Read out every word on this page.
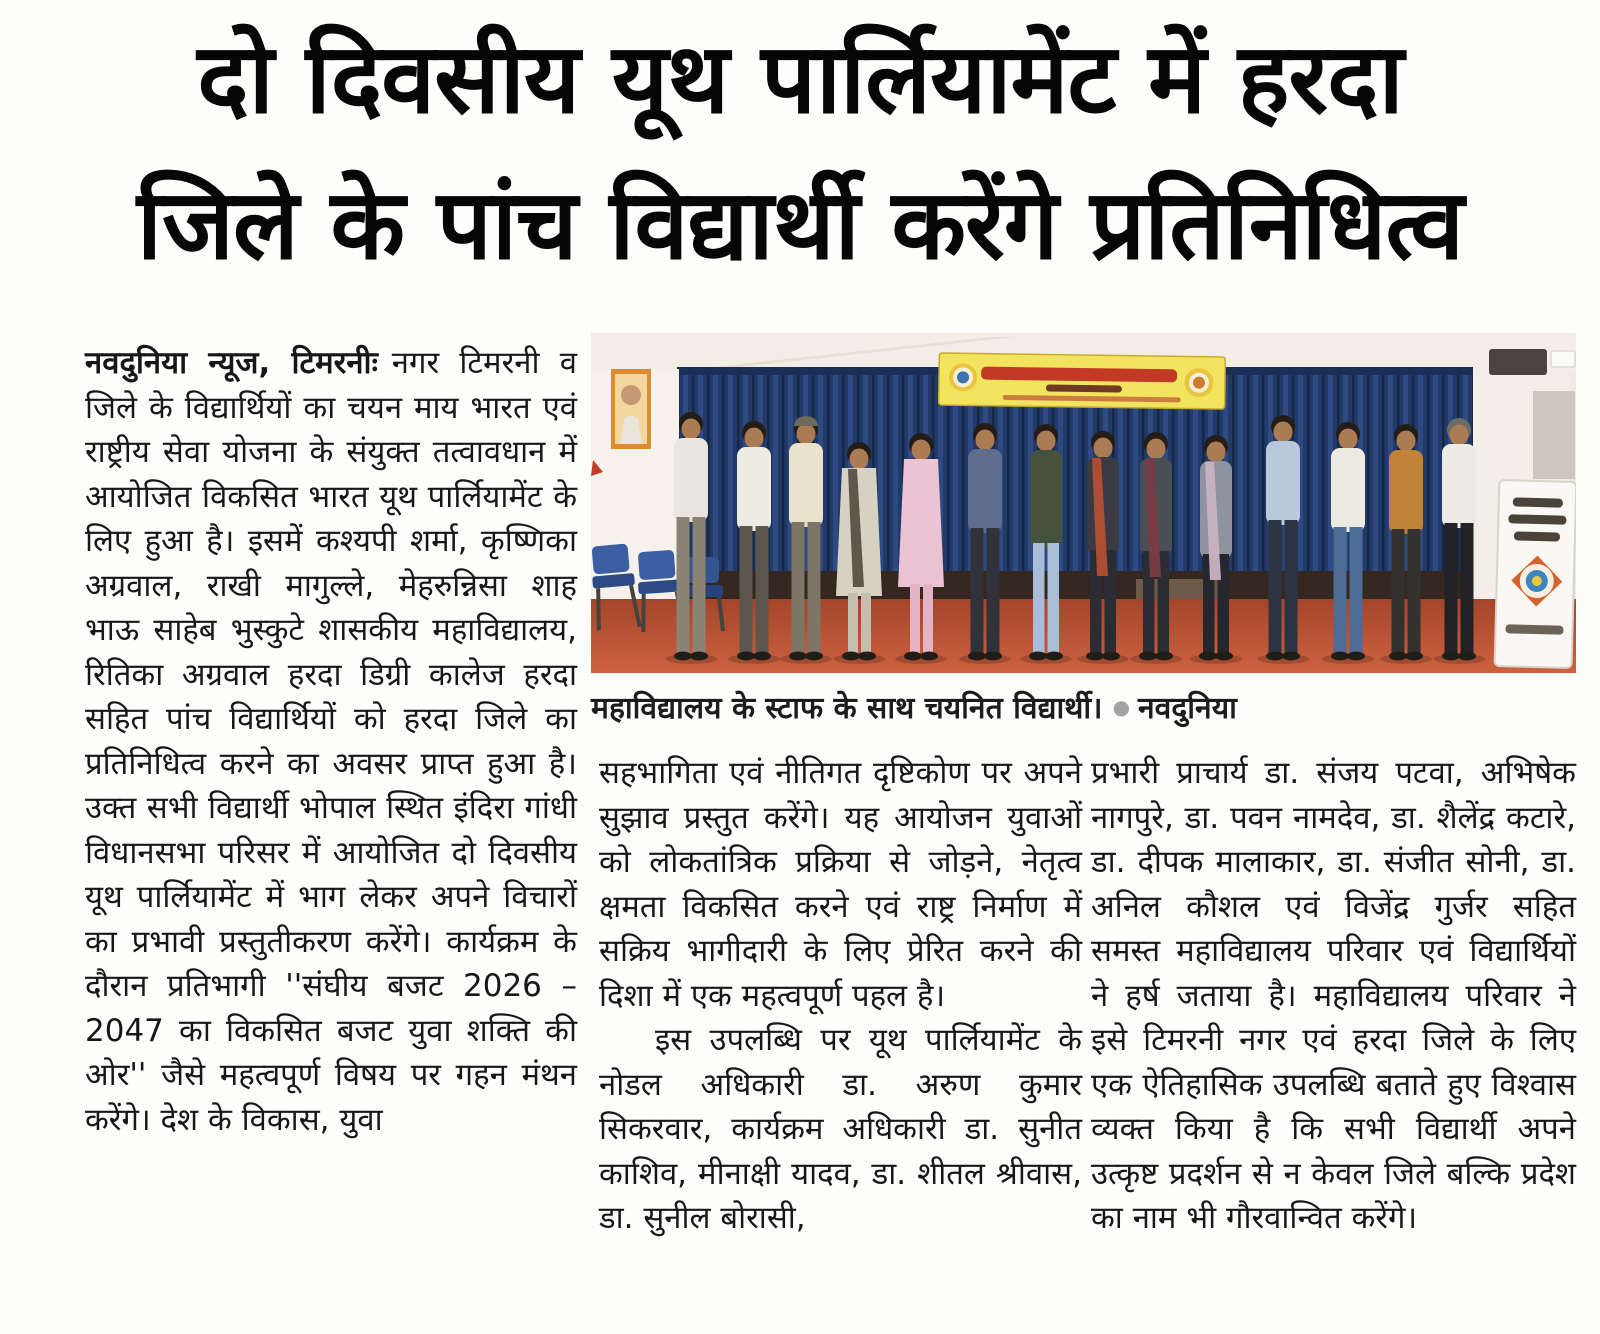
दो दिवसीय यूथ पार्लियामेंट में हरदा
जिले के पांच विद्यार्थी करेंगे प्रतिनिधित्व
महाविद्यालय के स्टाफ के साथ चयनित विद्यार्थी। ● नवदुनिया

नवदुनिया न्यूज, टिमरनीः नगर टिमरनी व जिले के विद्यार्थियों का चयन माय भारत एवं राष्ट्रीय सेवा योजना के संयुक्त तत्वावधान में आयोजित विकसित भारत यूथ पार्लियामेंट के लिए हुआ है। इसमें कश्यपी शर्मा, कृष्णिका अग्रवाल, राखी मागुल्ले, मेहरुन्निसा शाह भाऊ साहेब भुस्कुटे शासकीय महाविद्यालय, रितिका अग्रवाल हरदा डिग्री कालेज हरदा सहित पांच विद्यार्थियों को हरदा जिले का प्रतिनिधित्व करने का अवसर प्राप्त हुआ है। उक्त सभी विद्यार्थी भोपाल स्थित इंदिरा गांधी विधानसभा परिसर में आयोजित दो दिवसीय यूथ पार्लियामेंट में भाग लेकर अपने विचारों का प्रभावी प्रस्तुतीकरण करेंगे। कार्यक्रम के दौरान प्रतिभागी ''संघीय बजट 2026 –2047 का विकसित बजट युवा शक्ति की ओर'' जैसे महत्वपूर्ण विषय पर गहन मंथन करेंगे। देश के विकास, युवा

सहभागिता एवं नीतिगत दृष्टिकोण पर अपने सुझाव प्रस्तुत करेंगे। यह आयोजन युवाओं को लोकतांत्रिक प्रक्रिया से जोड़ने, नेतृत्व क्षमता विकसित करने एवं राष्ट्र निर्माण में सक्रिय भागीदारी के लिए प्रेरित करने की दिशा में एक महत्वपूर्ण पहल है।

इस उपलब्धि पर यूथ पार्लियामेंट के नोडल अधिकारी डा. अरुण कुमार सिकरवार, कार्यक्रम अधिकारी डा. सुनीत काशिव, मीनाक्षी यादव, डा. शीतल श्रीवास, डा. सुनील बोरासी,

प्रभारी प्राचार्य डा. संजय पटवा, अभिषेक नागपुरे, डा. पवन नामदेव, डा. शैलेंद्र कटारे, डा. दीपक मालाकार, डा. संजीत सोनी, डा. अनिल कौशल एवं विजेंद्र गुर्जर सहित समस्त महाविद्यालय परिवार एवं विद्यार्थियों ने हर्ष जताया है। महाविद्यालय परिवार ने इसे टिमरनी नगर एवं हरदा जिले के लिए एक ऐतिहासिक उपलब्धि बताते हुए विश्वास व्यक्त किया है कि सभी विद्यार्थी अपने उत्कृष्ट प्रदर्शन से न केवल जिले बल्कि प्रदेश का नाम भी गौरवान्वित करेंगे।
